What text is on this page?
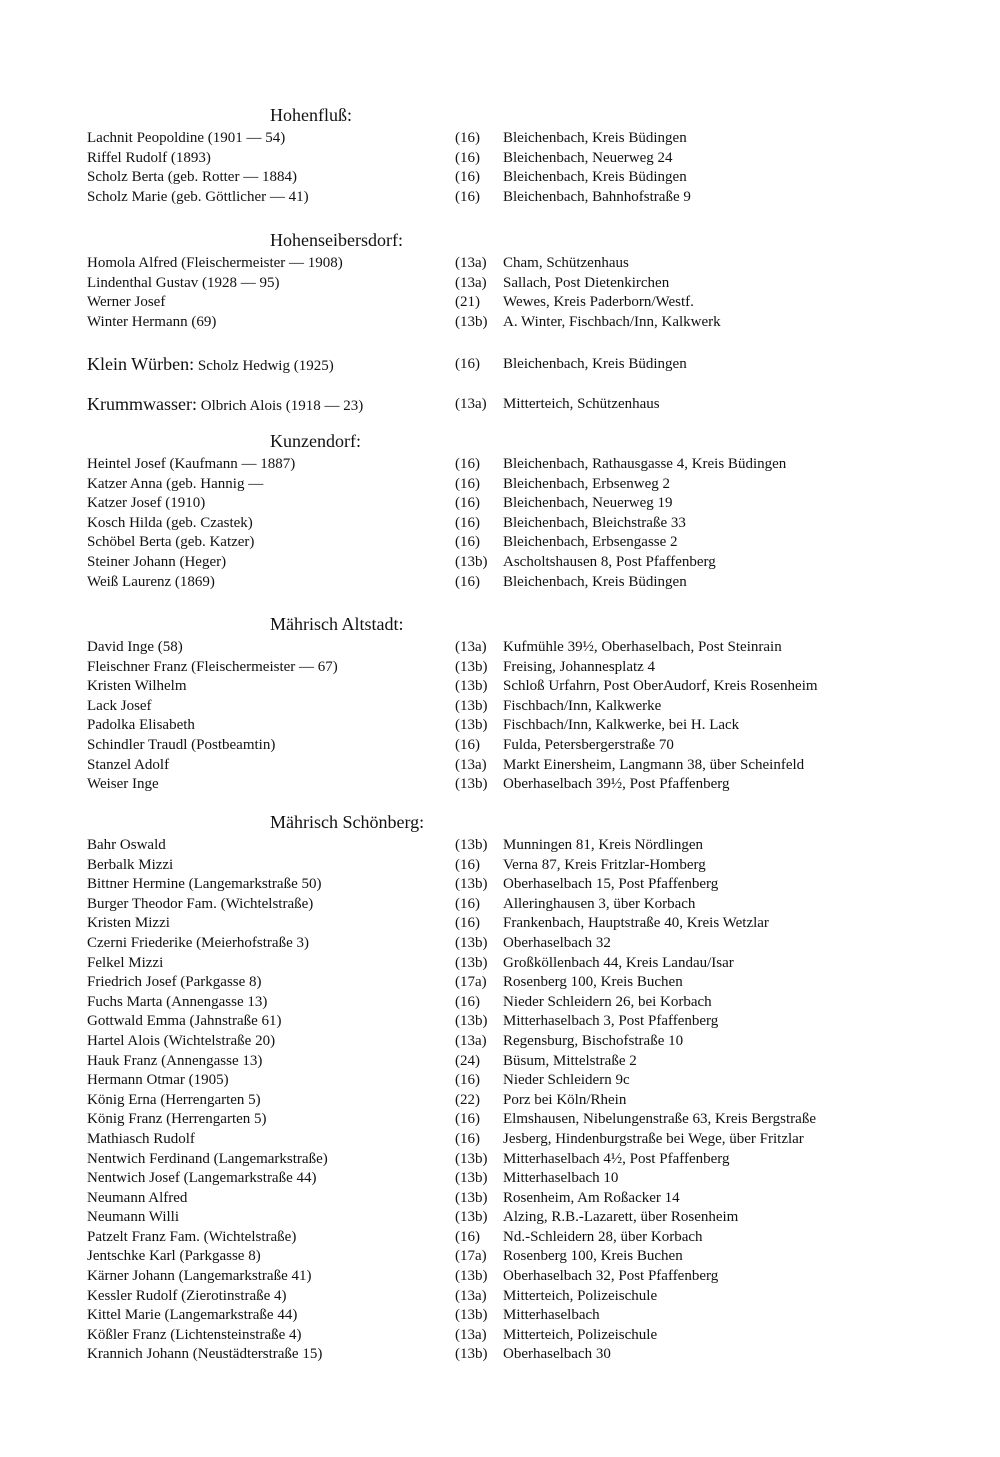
Hohenfluß:
Lachnit Peopoldine (1901 — 54)	(16) Bleichenbach, Kreis Büdingen
Riffel Rudolf (1893)	(16) Bleichenbach, Neuerweg 24
Scholz Berta (geb. Rotter — 1884)	(16) Bleichenbach, Kreis Büdingen
Scholz Marie (geb. Göttlicher — 41)	(16) Bleichenbach, Bahnhofstraße 9
Hohenseibersdorf:
Homola Alfred (Fleischermeister — 1908)	(13a) Cham, Schützenhaus
Lindenthal Gustav (1928 — 95)	(13a) Sallach, Post Dietenkirchen
Werner Josef	(21) Wewes, Kreis Paderborn/Westf.
Winter Hermann (69)	(13b) A. Winter, Fischbach/Inn, Kalkwerk
Klein Würben: Scholz Hedwig (1925)	(16) Bleichenbach, Kreis Büdingen
Krummwasser: Olbrich Alois (1918 — 23)	(13a) Mitterteich, Schützenhaus
Kunzendorf:
Heintel Josef (Kaufmann — 1887)	(16) Bleichenbach, Rathausgasse 4, Kreis Büdingen
Katzer Anna (geb. Hannig —	(16) Bleichenbach, Erbsenweg 2
Katzer Josef (1910)	(16) Bleichenbach, Neuerweg 19
Kosch Hilda (geb. Czastek)	(16) Bleichenbach, Bleichstraße 33
Schöbel Berta (geb. Katzer)	(16) Bleichenbach, Erbsengasse 2
Steiner Johann (Heger)	(13b) Ascholtshausen 8, Post Pfaffenberg
Weiß Laurenz (1869)	(16) Bleichenbach, Kreis Büdingen
Mährisch Altstadt:
David Inge (58)	(13a) Kufmühle 39½, Oberhaselbach, Post Steinrain
Fleischner Franz (Fleischermeister — 67)	(13b) Freising, Johannesplatz 4
Kristen Wilhelm	(13b) Schloß Urfahrn, Post OberAudorf, Kreis Rosenheim
Lack Josef	(13b) Fischbach/Inn, Kalkwerke
Padolka Elisabeth	(13b) Fischbach/Inn, Kalkwerke, bei H. Lack
Schindler Traudl (Postbeamtin)	(16) Fulda, Petersbergerstraße 70
Stanzel Adolf	(13a) Markt Einersheim, Langmann 38, über Scheinfeld
Weiser Inge	(13b) Oberhaselbach 39½, Post Pfaffenberg
Mährisch Schönberg:
Bahr Oswald	(13b) Munningen 81, Kreis Nördlingen
Berbalk Mizzi	(16) Verna 87, Kreis Fritzlar-Homberg
Bittner Hermine (Langemarkstraße 50)	(13b) Oberhaselbach 15, Post Pfaffenberg
Burger Theodor Fam. (Wichtelstraße)	(16) Alleringhausen 3, über Korbach
Kristen Mizzi	(16) Frankenbach, Hauptstraße 40, Kreis Wetzlar
Czerni Friederike (Meierhofstraße 3)	(13b) Oberhaselbach 32
Felkel Mizzi	(13b) Großköllenbach 44, Kreis Landau/Isar
Friedrich Josef (Parkgasse 8)	(17a) Rosenberg 100, Kreis Buchen
Fuchs Marta (Annengasse 13)	(16) Nieder Schleidern 26, bei Korbach
Gottwald Emma (Jahnstraße 61)	(13b) Mitterhaselbach 3, Post Pfaffenberg
Hartel Alois (Wichtelstraße 20)	(13a) Regensburg, Bischofstraße 10
Hauk Franz (Annengasse 13)	(24) Büsum, Mittelstraße 2
Hermann Otmar (1905)	(16) Nieder Schleidern 9c
König Erna (Herrengarten 5)	(22) Porz bei Köln/Rhein
König Franz (Herrengarten 5)	(16) Elmshausen, Nibelungenstraße 63, Kreis Bergstraße
Mathiasch Rudolf	(16) Jesberg, Hindenburgstraße bei Wege, über Fritzlar
Nentwich Ferdinand (Langemarkstraße)	(13b) Mitterhaselbach 4½, Post Pfaffenberg
Nentwich Josef (Langemarkstraße 44)	(13b) Mitterhaselbach 10
Neumann Alfred	(13b) Rosenheim, Am Roßacker 14
Neumann Willi	(13b) Alzing, R.B.-Lazarett, über Rosenheim
Patzelt Franz Fam. (Wichtelstraße)	(16) Nd.-Schleidern 28, über Korbach
Jentschke Karl (Parkgasse 8)	(17a) Rosenberg 100, Kreis Buchen
Kärner Johann (Langemarkstraße 41)	(13b) Oberhaselbach 32, Post Pfaffenberg
Kessler Rudolf (Zierotinstraße 4)	(13a) Mitterteich, Polizeischule
Kittel Marie (Langemarkstraße 44)	(13b) Mitterhaselbach
Kößler Franz (Lichtensteinstraße 4)	(13a) Mitterteich, Polizeischule
Krannich Johann (Neustädterstraße 15)	(13b) Oberhaselbach 30
